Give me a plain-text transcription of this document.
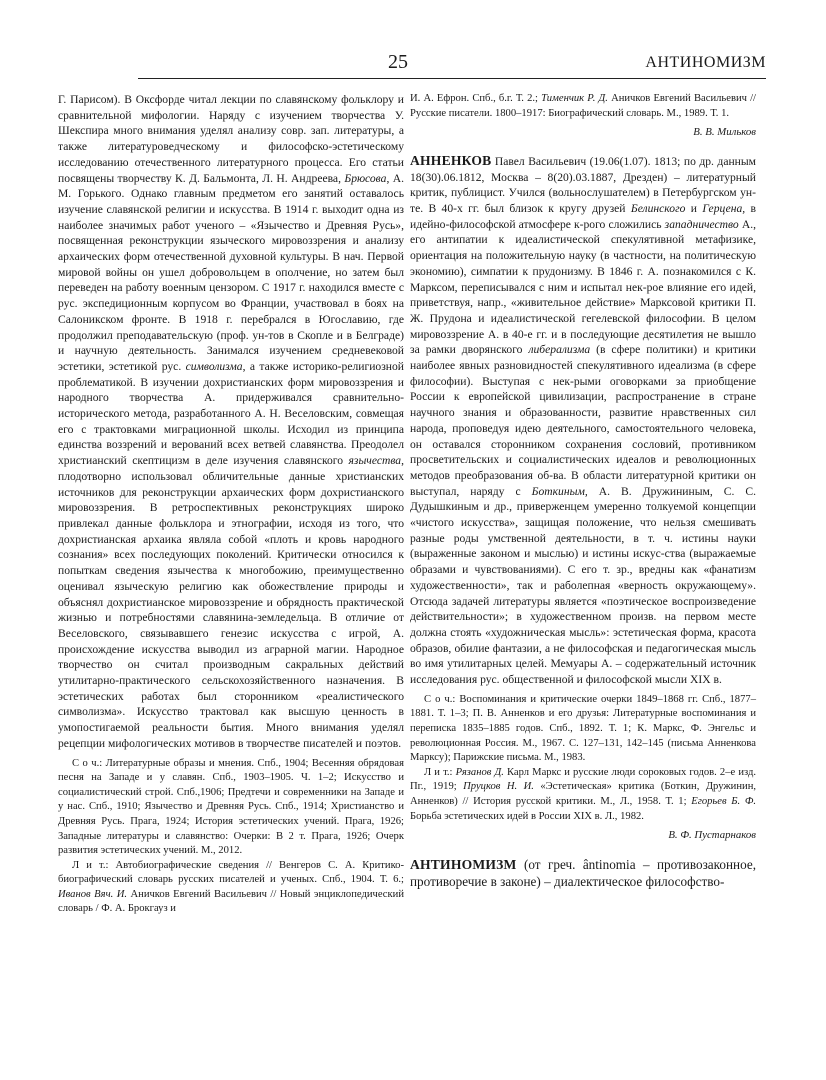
25	АНТИНОМИЗМ

Г. Парисом). В Оксфорде читал лекции по славянскому фольклору и сравнительной мифологии. Наряду с изучением творчества У. Шекспира много внимания уделял анализу совр. зап. литературы, а также литературоведческому и философско-эстетическому исследованию отечественного литературного процесса. Его статьи посвящены творчеству К. Д. Бальмонта, Л. Н. Андреева, Брюсова, А. М. Горького. Однако главным предметом его занятий оставалось изучение славянской религии и искусства. В 1914 г. выходит одна из наиболее значимых работ ученого – «Язычество и Древняя Русь», посвященная реконструкции языческого мировоззрения и анализу архаических форм отечественной духовной культуры. В нач. Первой мировой войны он ушел добровольцем в ополчение, но затем был переведен на работу военным цензором. С 1917 г. находился вместе с рус. экспедиционным корпусом во Франции, участвовал в боях на Салоникском фронте. В 1918 г. перебрался в Югославию, где продолжил преподавательскую (проф. ун-тов в Скопле и в Белграде) и научную деятельность. Занимался изучением средневековой эстетики, эстетикой рус. символизма, а также историко-религиозной проблематикой. В изучении дохристианских форм мировоззрения и народного творчества А. придерживался сравнительно-исторического метода, разработанного А. Н. Веселовским, совмещая его с трактовками миграционной школы. Исходил из принципа единства воззрений и верований всех ветвей славянства. Преодолел христианский скептицизм в деле изучения славянского язычества, плодотворно использовал обличительные данные христианских источников для реконструкции архаических форм дохристианского мировоззрения. В ретроспективных реконструкциях широко привлекал данные фольклора и этнографии, исходя из того, что дохристианская архаика являла собой «плоть и кровь народного сознания» всех последующих поколений. Критически относился к попыткам сведения язычества к многобожию, преимущественно оценивал языческую религию как обожествление природы и объяснял дохристианское мировоззрение и обрядность практической жизнью и потребностями славянина-земледельца. В отличие от Веселовского, связывавшего генезис искусства с игрой, А. происхождение искусства выводил из аграрной магии. Народное творчество он считал производным сакральных действий утилитарно-практического сельскохозяйственного назначения. В эстетических работах был сторонником «реалистического символизма». Искусство трактовал как высшую ценность в умопостигаемой реальности бытия. Много внимания уделял рецепции мифологических мотивов в творчестве писателей и поэтов.

С о ч.: Литературные образы и мнения. Спб., 1904; Весенняя обрядовая песня на Западе и у славян. Спб., 1903–1905. Ч. 1–2; Искусство и социалистический строй. Спб.,1906; Предтечи и современники на Западе и у нас. Спб., 1910; Язычество и Древняя Русь. Спб., 1914; Христианство и Древняя Русь. Прага, 1924; История эстетических учений. Прага, 1926; Западные литературы и славянство: Очерки: В 2 т. Прага, 1926; Очерк развития эстетических учений. М., 2012.

Л и т.: Автобиографические сведения // Венгеров С. А. Критико-биографический словарь русских писателей и ученых. Спб., 1904. Т. 6.; Иванов Вяч. И. Аничков Евгений Васильевич // Новый энциклопедический словарь / Ф. А. Брокгауз и

И. А. Ефрон. Спб., б.г. Т. 2.; Тименчик Р. Д. Аничков Евгений Васильевич // Русские писатели. 1800–1917: Биографический словарь. М., 1989. Т. 1.

В. В. Мильков

АННЕНКОВ Павел Васильевич (19.06(1.07). 1813; по др. данным 18(30).06.1812, Москва – 8(20).03.1887, Дрезден) – литературный критик, публицист. Учился (вольнослушателем) в Петербургском ун-те. В 40-х гг. был близок к кругу друзей Белинского и Герцена, в идейно-философской атмосфере к-рого сложились западничество А., его антипатии к идеалистической спекулятивной метафизике, ориентация на положительную науку (в частности, на политическую экономию), симпатии к прудонизму. В 1846 г. А. познакомился с К. Марксом, переписывался с ним и испытал нек-рое влияние его идей, приветствуя, напр., «живительное действие» Марксовой критики П. Ж. Прудона и идеалистической гегелевской философии. В целом мировоззрение А. в 40-е гг. и в последующие десятилетия не вышло за рамки дворянского либерализма (в сфере политики) и критики наиболее явных разновидностей спекулятивного идеализма (в сфере философии). Выступая с нек-рыми оговорками за приобщение России к европейской цивилизации, распространение в стране научного знания и образованности, развитие нравственных сил народа, проповедуя идею деятельного, самостоятельного человека, он оставался сторонником сохранения сословий, противником просветительских и социалистических идеалов и революционных методов преобразования об-ва. В области литературной критики он выступал, наряду с Боткиным, А. В. Дружининым, С. С. Дудышкиным и др., приверженцем умеренно толкуемой концепции «чистого искусства», защищая положение, что нельзя смешивать разные роды умственной деятельности, в т. ч. истины науки (выраженные законом и мыслью) и истины искус-ства (выражаемые образами и чувствованиями). С его т. зр., вредны как «фанатизм художественности», так и раболепная «верность окружающему». Отсюда задачей литературы является «поэтическое воспроизведение действительности»; в художественном произв. на первом месте должна стоять «художническая мысль»: эстетическая форма, красота образов, обилие фантазии, а не философская и педагогическая мысль во имя утилитарных целей. Мемуары А. – содержательный источник исследования рус. общественной и философской мысли XIX в.

С о ч.: Воспоминания и критические очерки 1849–1868 гг. Спб., 1877–1881. Т. 1–3; П. В. Анненков и его друзья: Литературные воспоминания и переписка 1835–1885 годов. Спб., 1892. Т. 1; К. Маркс, Ф. Энгельс и революционная Россия. М., 1967. С. 127–131, 142–145 (письма Анненкова Марксу); Парижские письма. М., 1983.

Л и т.: Рязанов Д. Карл Маркс и русские люди сороковых годов. 2–е изд. Пг., 1919; Пруцков Н. И. «Эстетическая» критика (Боткин, Дружинин, Анненков) // История русской критики. М., Л., 1958. Т. 1; Егорьев Б. Ф. Борьба эстетических идей в России XIX в. Л., 1982.

В. Ф. Пустарнаков

АНТИНОМИЗМ (от греч. ântinomia – противозаконное, противоречие в законе) – диалектическое философство-
